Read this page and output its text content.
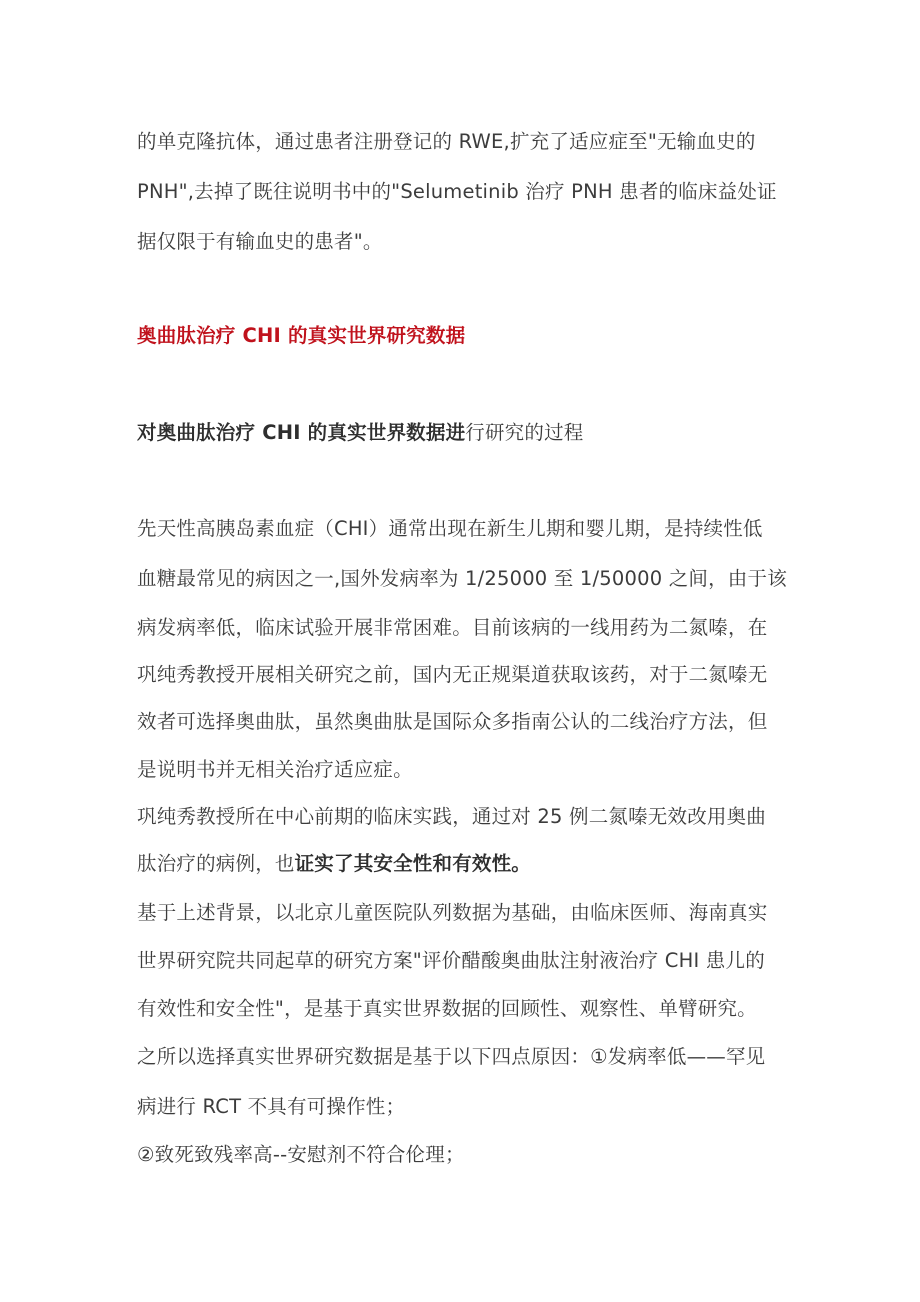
的单克隆抗体，通过患者注册登记的 RWE,扩充了适应症至"无输血史的
PNH",去掉了既往说明书中的"Selumetinib 治疗 PNH 患者的临床益处证
据仅限于有输血史的患者"。
奥曲肽治疗 CHI 的真实世界研究数据
对奥曲肽治疗 CHI 的真实世界数据进行研究的过程
先天性高胰岛素血症（CHI）通常出现在新生儿期和婴儿期，是持续性低
血糖最常见的病因之一,国外发病率为 1/25000 至 1/50000 之间，由于该
病发病率低，临床试验开展非常困难。目前该病的一线用药为二氮嗪，在
巩纯秀教授开展相关研究之前，国内无正规渠道获取该药，对于二氮嗪无
效者可选择奥曲肽，虽然奥曲肽是国际众多指南公认的二线治疗方法，但
是说明书并无相关治疗适应症。
巩纯秀教授所在中心前期的临床实践，通过对 25 例二氮嗪无效改用奥曲
肽治疗的病例，也证实了其安全性和有效性。
基于上述背景，以北京儿童医院队列数据为基础，由临床医师、海南真实
世界研究院共同起草的研究方案"评价醋酸奥曲肽注射液治疗 CHI 患儿的
有效性和安全性"，是基于真实世界数据的回顾性、观察性、单臂研究。
之所以选择真实世界研究数据是基于以下四点原因：①发病率低——罕见
病进行 RCT 不具有可操作性；
②致死致残率高--安慰剂不符合伦理；
